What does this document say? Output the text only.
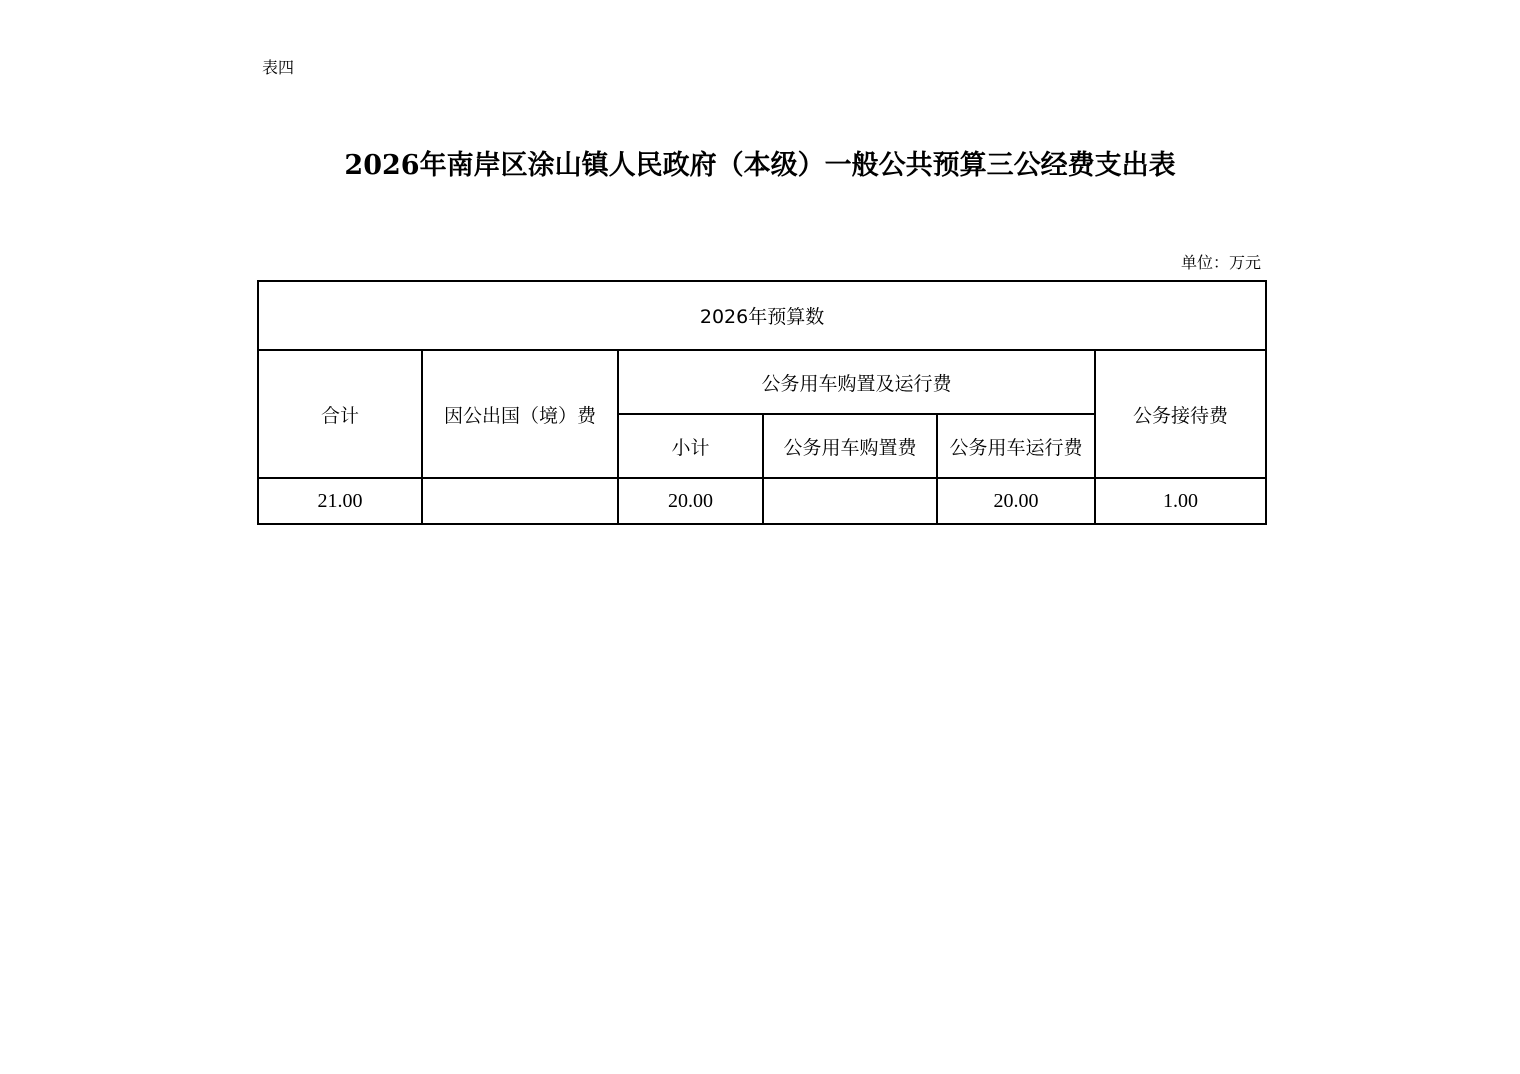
表四
2026年南岸区涂山镇人民政府（本级）一般公共预算三公经费支出表
单位：万元
2026年预算数					
合计	因公出国（境）费	公务用车购置及运行费			公务接待费
		小计	公务用车购置费	公务用车运行费	
21.00		20.00		20.00	1.00
